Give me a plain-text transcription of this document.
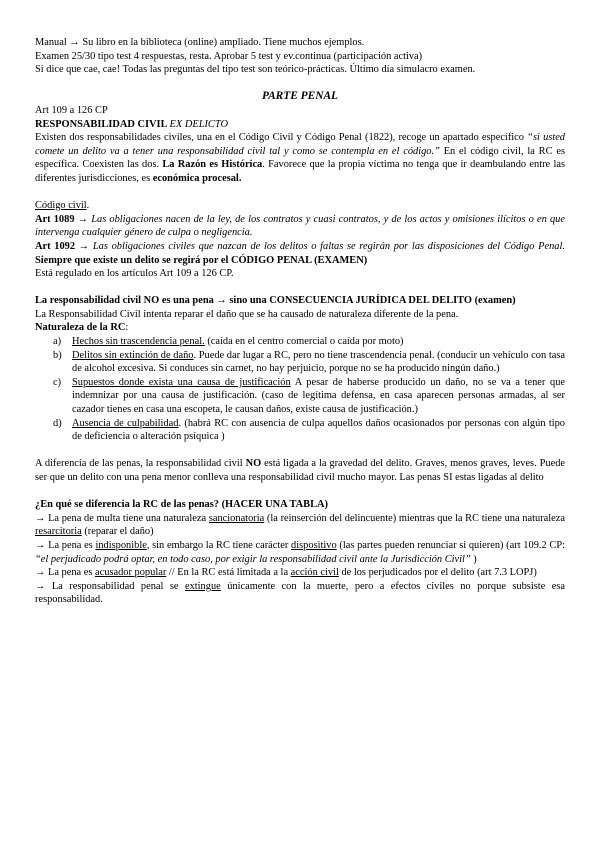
Manual → Su libro en la biblioteca (online) ampliado. Tiene muchos ejemplos.

Examen 25/30 tipo test 4 respuestas, resta. Aprobar 5 test y ev.continua (participación activa)

Si dice que cae, cae! Todas las preguntas del tipo test son teórico-prácticas. Último día simulacro examen.

PARTE PENAL

Art 109 a 126 CP

RESPONSABILIDAD CIVIL EX DELICTO

Existen dos responsabilidades civiles, una en el Código Civil y Código Penal (1822), recoge un apartado específico “si usted comete un delito va a tener una responsabilidad civil tal y como se contempla en el código.” En el código civil, la RC es específica. Coexisten las dos. La Razón es Histórica. Favorece que la propia víctima no tenga que ir deambulando entre las diferentes jurisdicciones, es económica procesal.

Código civil.

Art 1089 → Las obligaciones nacen de la ley, de los contratos y cuasi contratos, y de los actos y omisiones ilícitos o en que intervenga cualquier género de culpa o negligencia.

Art 1092 → Las obligaciones civiles que nazcan de los delitos o faltas se regirán por las disposiciones del Código Penal. Siempre que existe un delito se regirá por el CÓDIGO PENAL (EXAMEN)

Está regulado en los artículos Art 109 a 126 CP.

La responsabilidad civil NO es una pena → sino una CONSECUENCIA JURÍDICA DEL DELITO (examen)

La Responsabilidad Civil intenta reparar el daño que se ha causado de naturaleza diferente de la pena.

Naturaleza de la RC:

a) Hechos sin trascendencia penal. (caída en el centro comercial o caída por moto)
b) Delitos sin extinción de daño. Puede dar lugar a RC, pero no tiene trascendencia penal. (conducir un vehículo con tasa de alcohol excesiva. Si conduces sin carnet, no hay perjuicio, porque no se ha producido ningún daño.)
c) Supuestos donde exista una causa de justificación A pesar de haberse producido un daño, no se va a tener que indemnizar por una causa de justificación. (caso de legítima defensa, en casa aparecen personas armadas, al ser cazador tienes en casa una escopeta, le causan daños, existe causa de justificación.)
d) Ausencia de culpabilidad. (habrá RC con ausencia de culpa aquellos daños ocasionados por personas con algún tipo de deficiencia o alteración psíquica )

A diferencia de las penas, la responsabilidad civil NO está ligada a la gravedad del delito. Graves, menos graves, leves. Puede ser que un delito con una pena menor conlleva una responsabilidad civil mucho mayor. Las penas SI estas ligadas al delito

¿En qué se diferencia la RC de las penas? (HACER UNA TABLA)

→ La pena de multa tiene una naturaleza sancionatoria (la reinserción del delincuente) mientras que la RC tiene una naturaleza resarcitoria (reparar el daño)

→ La pena es indisponible, sin embargo la RC tiene carácter dispositivo (las partes pueden renunciar si quieren) (art 109.2 CP: “el perjudicado podrá optar, en todo caso, por exigir la responsabilidad civil ante la Jurisdicción Civil” )

→ La pena es acusador popular // En la RC está limitada a la acción civil de los perjudicados por el delito (art 7.3 LOPJ)

→ La responsabilidad penal se extingue únicamente con la muerte, pero a efectos civiles no porque subsiste esa responsabilidad.
